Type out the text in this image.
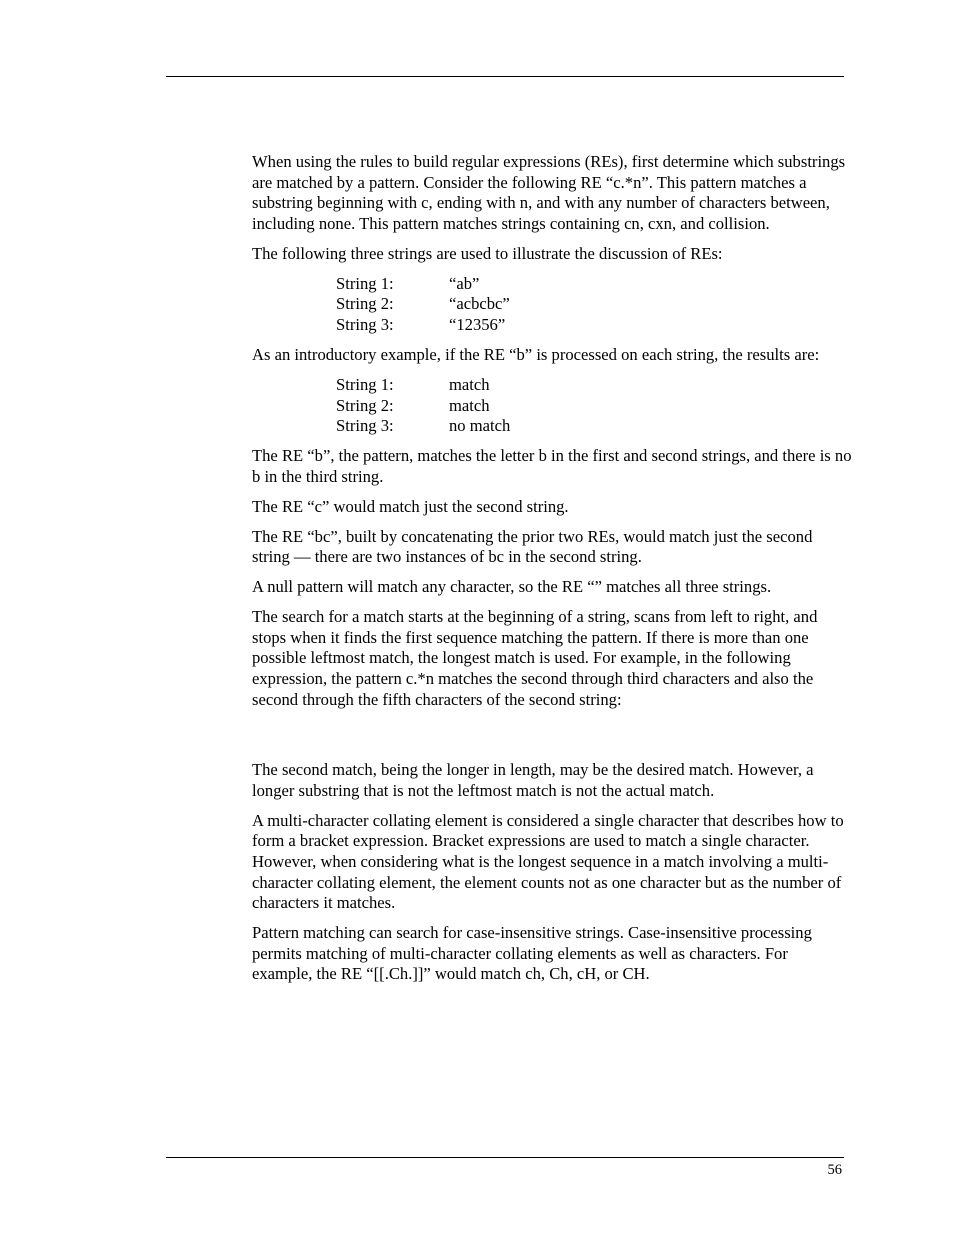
When using the rules to build regular expressions (REs), first determine which substrings are matched by a pattern. Consider the following RE “c.*n”. This pattern matches a substring beginning with c, ending with n, and with any number of characters between, including none. This pattern matches strings containing cn, cxn, and collision.

The following three strings are used to illustrate the discussion of REs:

String 1:	“ab”
String 2:	“acbcbc”
String 3:	“12356”

As an introductory example, if the RE “b” is processed on each string, the results are:

String 1:	match
String 2:	match
String 3:	no match

The RE “b”, the pattern, matches the letter b in the first and second strings, and there is no b in the third string.

The RE “c” would match just the second string.

The RE “bc”, built by concatenating the prior two REs, would match just the second string — there are two instances of bc in the second string.

A null pattern will match any character, so the RE “” matches all three strings.

The search for a match starts at the beginning of a string, scans from left to right, and stops when it finds the first sequence matching the pattern. If there is more than one possible leftmost match, the longest match is used. For example, in the following expression, the pattern c.*n matches the second through third characters and also the second through the fifth characters of the second string:

The second match, being the longer in length, may be the desired match. However, a longer substring that is not the leftmost match is not the actual match.

A multi-character collating element is considered a single character that describes how to form a bracket expression. Bracket expressions are used to match a single character. However, when considering what is the longest sequence in a match involving a multi-character collating element, the element counts not as one character but as the number of characters it matches.

Pattern matching can search for case-insensitive strings. Case-insensitive processing permits matching of multi-character collating elements as well as characters. For example, the RE “[[.Ch.]]” would match ch, Ch, cH, or CH.

56
